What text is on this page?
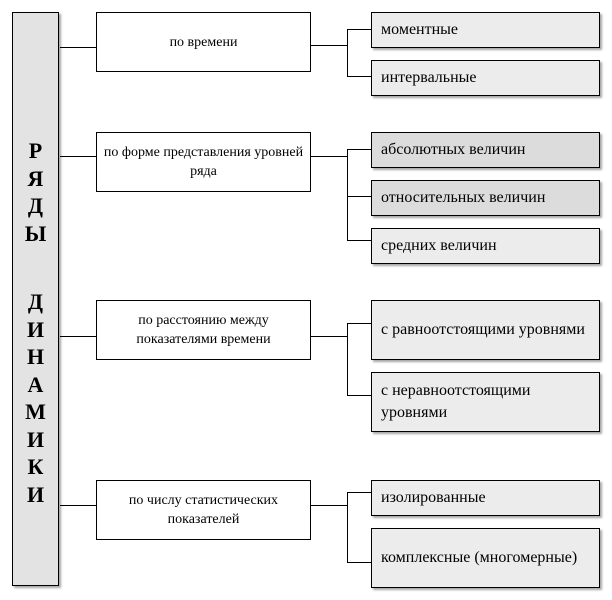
Р
Я
Д
Ы
Д
И
Н
А
М
И
К
И
по времени
по форме представления уровней ряда
по расстоянию между показателями времени
по числу статистических показателей
моментные
интервальные
абсолютных величин
относительных величин
средних величин
с равноотстоящими уровнями
с неравноотстоящими уровнями
изолированные
комплексные (многомерные)
